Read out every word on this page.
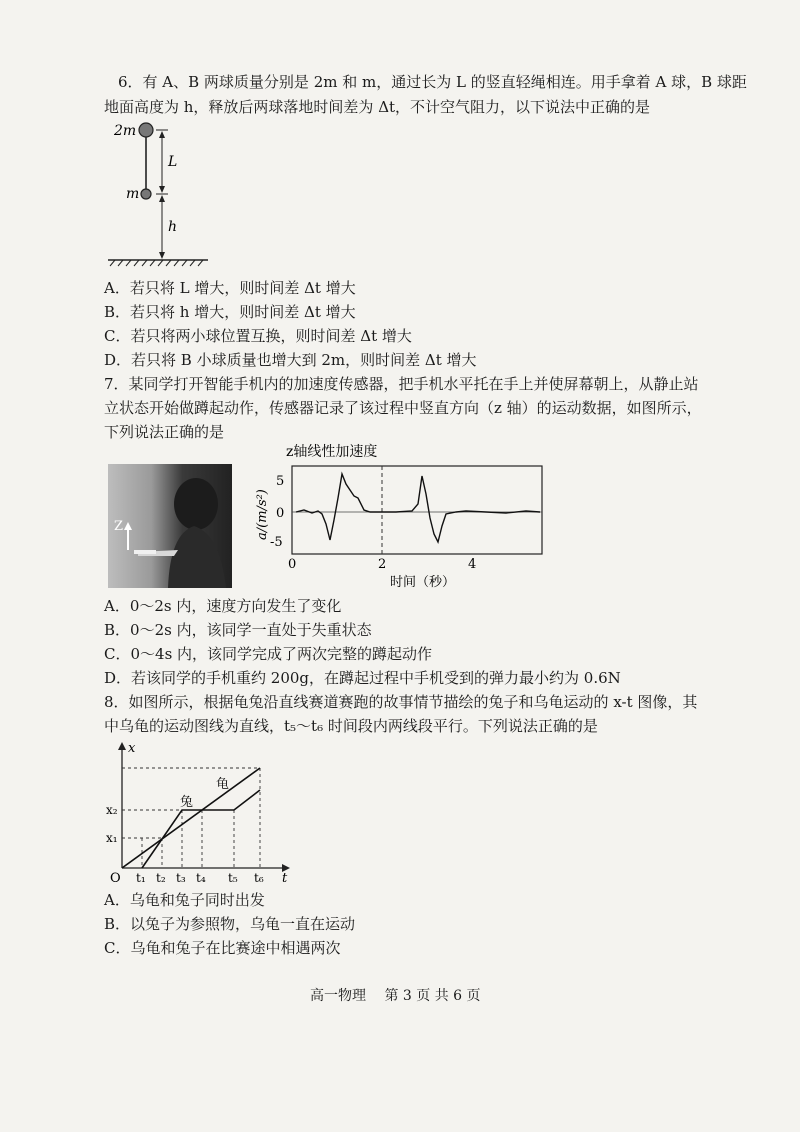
6．有 A、B 两球质量分别是 2m 和 m，通过长为 L 的竖直轻绳相连。用手拿着 A 球，B 球距
地面高度为 h，释放后两球落地时间差为 Δt，不计空气阻力，以下说法中正确的是
2m
m
L
h
A．若只将 L 增大，则时间差 Δt 增大
B．若只将 h 增大，则时间差 Δt 增大
C．若只将两小球位置互换，则时间差 Δt 增大
D．若只将 B 小球质量也增大到 2m，则时间差 Δt 增大
7．某同学打开智能手机内的加速度传感器，把手机水平托在手上并使屏幕朝上，从静止站
立状态开始做蹲起动作，传感器记录了该过程中竖直方向（z 轴）的运动数据，如图所示，
下列说法正确的是
Z
z轴线性加速度
5
0
-5
a/(m/s²)
0	2	4
时间（秒）
A．0～2s 内，速度方向发生了变化
B．0～2s 内，该同学一直处于失重状态
C．0～4s 内，该同学完成了两次完整的蹲起动作
D．若该同学的手机重约 200g，在蹲起过程中手机受到的弹力最小约为 0.6N
8．如图所示，根据龟兔沿直线赛道赛跑的故事情节描绘的兔子和乌龟运动的 x-t 图像，其
中乌龟的运动图线为直线，t₅～t₆ 时间段内两线段平行。下列说法正确的是
龟
兔
x
t
O
x₁
x₂
t₁ t₂ t₃ t₄ t₅ t₆
A．乌龟和兔子同时出发
B．以兔子为参照物，乌龟一直在运动
C．乌龟和兔子在比赛途中相遇两次
高一物理　 第 3 页 共 6 页
